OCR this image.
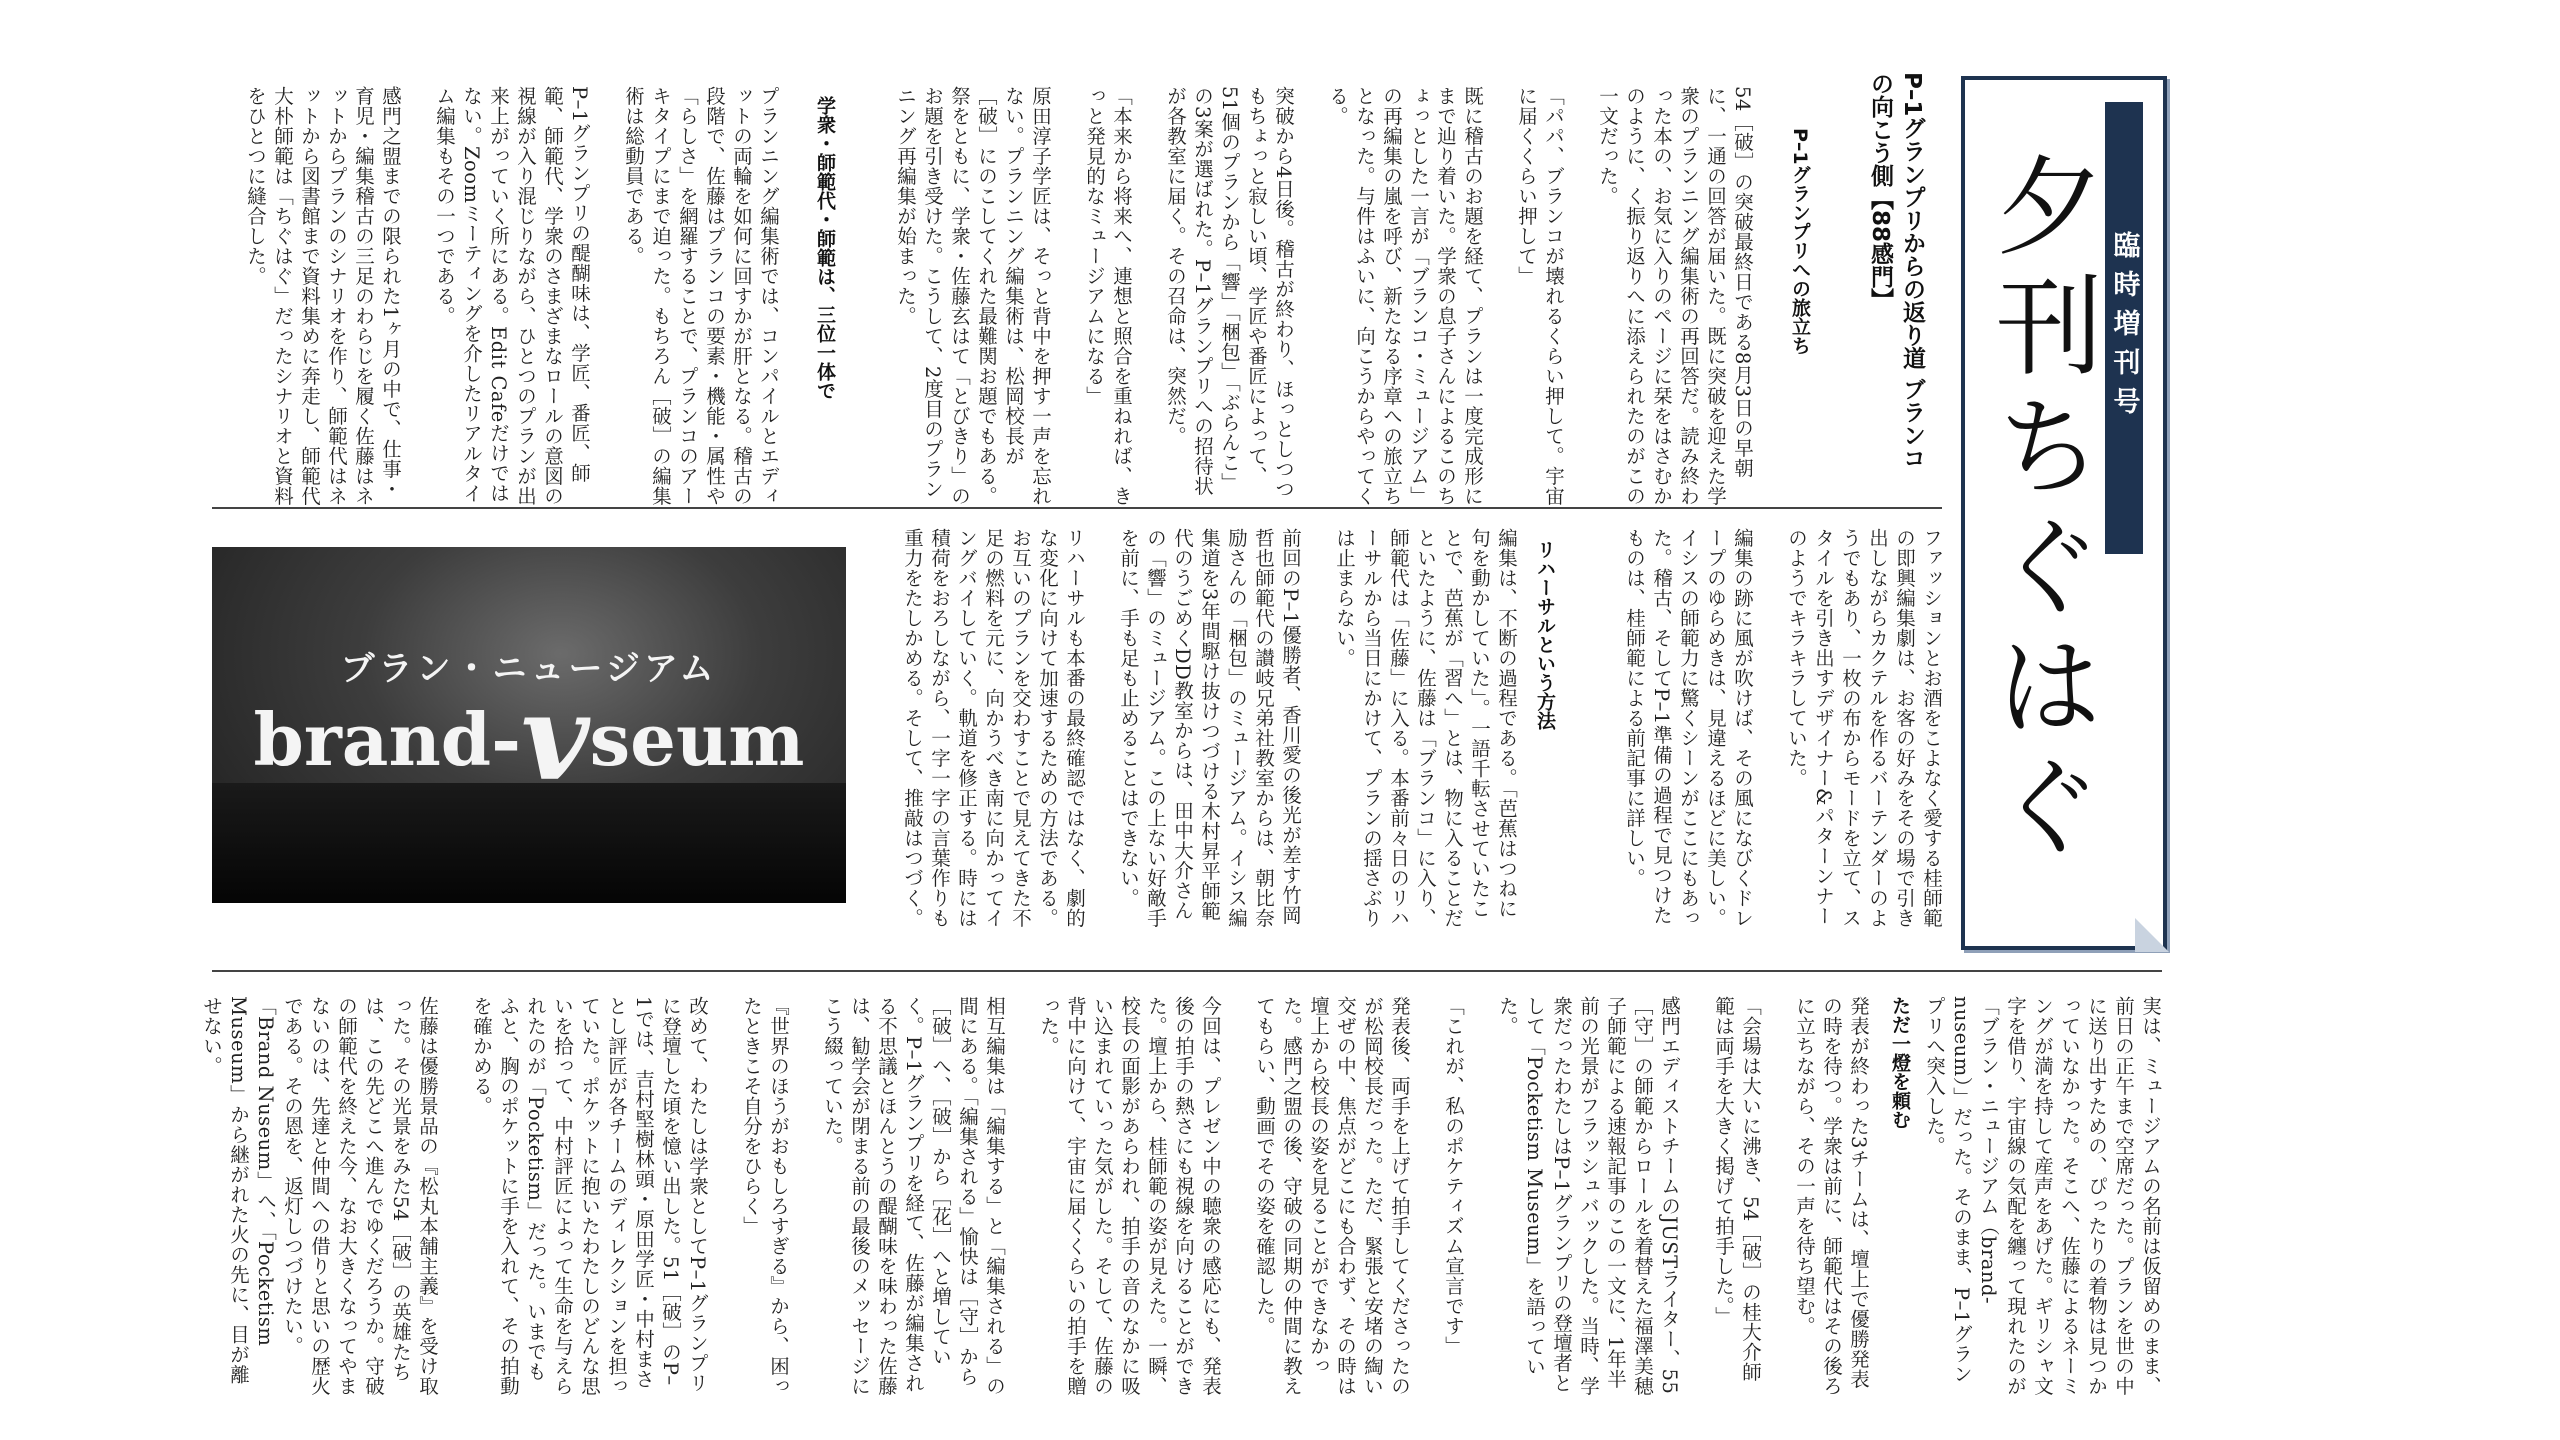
臨時増刊号
夕刊ちぐはぐ
P–1グランプリからの返り道 ブランコの向こう側【88感門】
P–1グランプリへの旅立ち
54［破］の突破最終日である8月3日の早朝に、一通の回答が届いた。既に突破を迎えた学衆のプランニング編集術の再回答だ。読み終わった本の、お気に入りのページに栞をはさむかのように、く振り返りへに添えられたのがこの一文だった。

「パパ、ブランコが壊れるくらい押して。宇宙に届くくらい押して」

既に稽古のお題を経て、プランは一度完成形にまで辿り着いた。学衆の息子さんによるこのちょっとした一言が「ブランコ・ミュージアム」の再編集の嵐を呼び、新たなる序章への旅立ちとなった。与件はふいに、向こうからやってくる。

突破から4日後。稽古が終わり、ほっとしつつもちょっと寂しい頃、学匠や番匠によって、51個のプランから「響」「梱包」「ぶらんこ」の3案が選ばれた。P–1グランプリへの招待状が各教室に届く。その召命は、突然だ。

「本来から将来へ、連想と照合を重ねれば、きっと発見的なミュージアムになる」

原田淳子学匠は、そっと背中を押す一声を忘れない。プランニング編集術は、松岡校長が［破］にのこしてくれた最難関お題でもある。祭をともに、学衆・佐藤玄はて「とびきり」のお題を引き受けた。こうして、2度目のプランニング再編集が始まった。
学衆・師範代・師範は、三位一体で
プランニング編集術では、コンパイルとエディットの両輪を如何に回すかが肝となる。稽古の段階で、佐藤はプランコの要素・機能・属性や「らしさ」を網羅することで、プランコのアーキタイプにまで迫った。もちろん［破］の編集術は総動員である。

P–1グランプリの醍醐味は、学匠、番匠、師範、師範代、学衆のさまざまなロールの意図の視線が入り混じりながら、ひとつのプランが出来上がっていく所にある。Edit Cafeだけではない。Zoomミーティングを介したリアルタイム編集もその一つである。

感門之盟までの限られた1ヶ月の中で、仕事・育児・編集稽古の三足のわらじを履く佐藤はネットからプランのシナリオを作り、師範代はネットから図書館まで資料集めに奔走し、師範代大朴師範は「ちぐはぐ」だったシナリオと資料をひとつに縫合した。
ブラン・ニュージアム
brand-vseum	ファッションとお酒をこよなく愛する桂師範の即興編集劇は、お客の好みをその場で引き出しながらカクテルを作るバーテンダーのようでもあり、一枚の布からモードを立て、スタイルを引き出すデザイナー&パターンナーのようでキラキラしていた。

編集の跡に風が吹けば、その風になびくドレープのゆらめきは、見違えるほどに美しい。イシスの師範力に驚くシーンがここにもあった。稽古、そしてP–1準備の過程で見つけたものは、桂師範による前記事に詳しい。
リハーサルという方法
編集は、不断の過程である。「芭蕉はつねに句を動かしていた」。一語千転させていたことで、芭蕉が「習へ」とは、物に入ることだといたように、佐藤は「ブランコ」に入り、師範代は「佐藤」に入る。本番前々日のリハーサルから当日にかけて、プランの揺さぶりは止まらない。

前回のP–1優勝者、香川愛の後光が差す竹岡哲也師範代の讃岐兄弟社教室からは、朝比奈励さんの「梱包」のミュージアム。イシス編集道を3年間駆け抜けつづける木村昇平師範代のうごめくDD教室からは、田中大介さんの「響」のミュージアム。この上ない好敵手を前に、手も足も止めることはできない。

リハーサルも本番の最終確認ではなく、劇的な変化に向けて加速するための方法である。お互いのプランを交わすことで見えてきた不足の燃料を元に、向かうべき南に向かってイングバイしていく。軌道を修正する。時には積荷をおろしながら、一字一字の言葉作りも重力をたしかめる。そして、推敲はつづく。
実は、ミュージアムの名前は仮留めのまま、前日の正午まで空席だった。プランを世の中に送り出すための、ぴったりの着物は見つかっていなかった。そこへ、佐藤によるネーミングが満を持して産声をあげた。ギリシャ文字を借り、宇宙線の気配を纏って現れたのが「ブラン・ニュージアム（brand-nuseum）」だった。そのまま、P–1グランプリへ突入した。
ただ一燈を頼む
発表が終わった3チームは、壇上で優勝発表の時を待つ。学衆は前に、師範代はその後ろに立ちながら、その一声を待ち望む。

「会場は大いに沸き、54［破］の桂大介師範は両手を大きく掲げて拍手した。」

感門エディストチームのJUSTライター、55［守］の師範からロールを着替えた福澤美穂子師範による速報記事のこの一文に、1年半前の光景がフラッシュバックした。当時、学衆だったわたしはP–1グランプリの登壇者として「Pocketism Museum」を語っていた。

「これが、私のポケティズム宣言です」

発表後、両手を上げて拍手してくださったのが松岡校長だった。ただ、緊張と安堵の綯い交ぜの中、焦点がどこにも合わず、その時は壇上から校長の姿を見ることができなかった。感門之盟の後、守破の同期の仲間に教えてもらい、動画でその姿を確認した。

今回は、プレゼン中の聴衆の感応にも、発表後の拍手の熱さにも視線を向けることができた。壇上から、桂師範の姿が見えた。一瞬、校長の面影があらわれ、拍手の音のなかに吸い込まれていった気がした。そして、佐藤の背中に向けて、宇宙に届くくらいの拍手を贈った。

相互編集は「編集する」と「編集される」の間にある。「編集される」愉快は［守］から［破］へ、［破］から［花］へと増していく。P–1グランプリを経て、佐藤が編集される不思議とほんとうの醍醐味を味わった佐藤は、勧学会が閉まる前の最後のメッセージにこう綴っていた。

『世界のほうがおもしろすぎる』から、困ったときこそ自分をひらく」

改めて、わたしは学衆としてP–1グランプリに登壇した頃を憶い出した。51［破］のP–1では、吉村堅樹林頭・原田学匠・中村まさとし評匠が各チームのディレクションを担っていた。ポケットに抱いたわたしのどんな思いを拾って、中村評匠によって生命を与えられたのが「Pocketism」だった。いまでもふと、胸のポケットに手を入れて、その拍動を確かめる。

佐藤は優勝景品の『松丸本舗主義』を受け取った。その光景をみた54［破］の英雄たちは、この先どこへ進んでゆくだろうか。守破の師範代を終えた今、なお大きくなってやまないのは、先達と仲間への借りと思いの歴火である。その恩を、返灯しつづけたい。「Brand Nuseum」へ、「Pocketism Museum」から継がれた火の先に、目が離せない。
